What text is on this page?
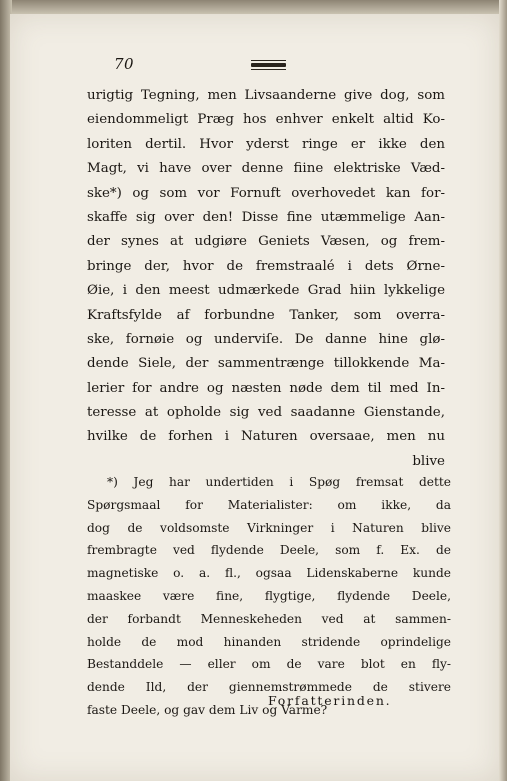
70
urigtig Tegning, men Livsaanderne give dog, som
eiendommeligt Præg hos enhver enkelt altid Ko-
loriten dertil. Hvor yderst ringe er ikke den
Magt, vi have over denne fiine elektriske Væd-
ske*) og som vor Fornuft overhovedet kan for-
skaffe sig over den! Disse fine utæmmelige Aan-
der synes at udgiøre Geniets Væsen, og frem-
bringe der, hvor de fremstraalé i dets Ørne-
Øie, i den meest udmærkede Grad hiin lykkelige
Kraftsfylde af forbundne Tanker, som overra-
ske, fornøie og underviſe. De danne hine glø-
dende Siele, der sammentrænge tillokkende Ma-
lerier for andre og næsten nøde dem til med In-
teresse at opholde sig ved saadanne Gienstande,
hvilke de forhen i Naturen oversaae, men nu
blive
*) Jeg har undertiden i Spøg fremsat dette
Spørgsmaal for Materialister: om ikke, da
dog de voldsomste Virkninger i Naturen blive
frembragte ved flydende Deele, som f. Ex. de
magnetiske o. a. fl., ogsaa Lidenskaberne kunde
maaskee være fine, flygtige, flydende Deele,
der forbandt Menneskeheden ved at sammen-
holde de mod hinanden stridende oprindelige
Bestanddele — eller om de vare blot en fly-
dende Ild, der giennemstrømmede de stivere
faste Deele, og gav dem Liv og Varme?
Forfatterinden.
